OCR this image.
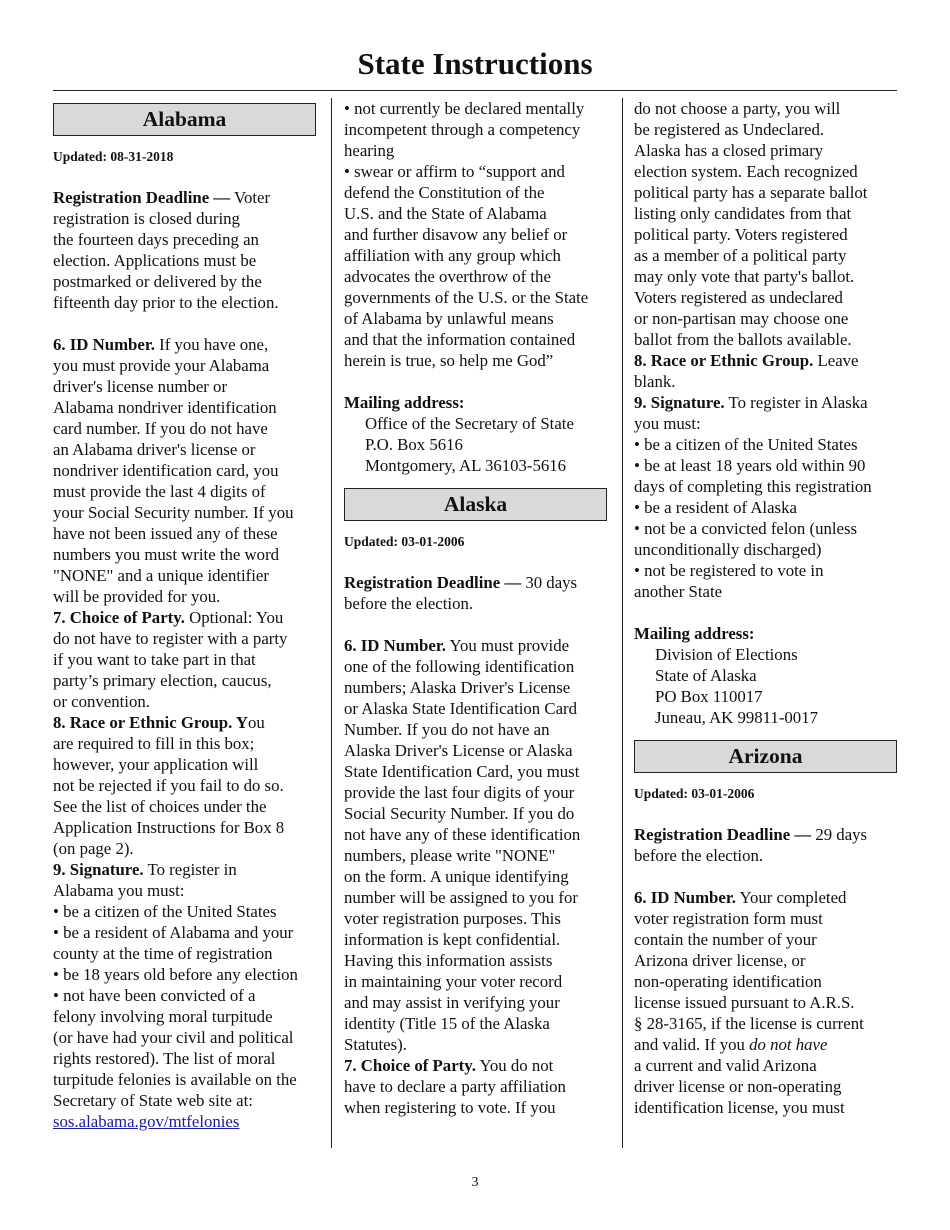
State Instructions
Alabama

Updated: 08-31-2018

Registration Deadline — Voter

registration is closed during

the fourteen days preceding an

election. Applications must be

postmarked or delivered by the

fifteenth day prior to the election.

6. ID Number. If you have one,

you must provide your Alabama

driver's license number or

Alabama nondriver identification

card number. If you do not have

an Alabama driver's license or

nondriver identification card, you

must provide the last 4 digits of

your Social Security number. If you

have not been issued any of these

numbers you must write the word

"NONE" and a unique identifier

will be provided for you.

7. Choice of Party. Optional: You

do not have to register with a party

if you want to take part in that

party’s primary election, caucus,

or convention.

8. Race or Ethnic Group. You

are required to fill in this box;

however, your application will

not be rejected if you fail to do so.

See the list of choices under the

Application Instructions for Box 8

(on page 2).

9. Signature. To register in

Alabama you must:

• be a citizen of the United States

• be a resident of Alabama and your

county at the time of registration

• be 18 years old before any election

• not have been convicted of a

felony involving moral turpitude

(or have had your civil and political

rights restored). The list of moral

turpitude felonies is available on the

Secretary of State web site at:

sos.alabama.gov/mtfelonies

• not currently be declared mentally

incompetent through a competency

hearing

• swear or affirm to “support and

defend the Constitution of the

U.S. and the State of Alabama

and further disavow any belief or

affiliation with any group which

advocates the overthrow of the

governments of the U.S. or the State

of Alabama by unlawful means

and that the information contained

herein is true, so help me God”

Mailing address:

Office of the Secretary of State

P.O. Box 5616

Montgomery, AL 36103-5616

Alaska

Updated: 03-01-2006

Registration Deadline — 30 days

before the election.

6. ID Number. You must provide

one of the following identification

numbers; Alaska Driver's License

or Alaska State Identification Card

Number. If you do not have an

Alaska Driver's License or Alaska

State Identification Card, you must

provide the last four digits of your

Social Security Number. If you do

not have any of these identification

numbers, please write "NONE"

on the form. A unique identifying

number will be assigned to you for

voter registration purposes. This

information is kept confidential.

Having this information assists

in maintaining your voter record

and may assist in verifying your

identity (Title 15 of the Alaska

Statutes).

7. Choice of Party. You do not

have to declare a party affiliation

when registering to vote. If you

do not choose a party, you will

be registered as Undeclared.

Alaska has a closed primary

election system. Each recognized

political party has a separate ballot

listing only candidates from that

political party. Voters registered

as a member of a political party

may only vote that party's ballot.

Voters registered as undeclared

or non-partisan may choose one

ballot from the ballots available.

8. Race or Ethnic Group. Leave

blank.

9. Signature. To register in Alaska

you must:

• be a citizen of the United States

• be at least 18 years old within 90

days of completing this registration

• be a resident of Alaska

• not be a convicted felon (unless

unconditionally discharged)

• not be registered to vote in

another State

Mailing address:

Division of Elections

State of Alaska

PO Box 110017

Juneau, AK 99811-0017

Arizona

Updated: 03-01-2006

Registration Deadline — 29 days

before the election.

6. ID Number. Your completed

voter registration form must

contain the number of your

Arizona driver license, or

non-operating identification

license issued pursuant to A.R.S.

§ 28-3165, if the license is current

and valid. If you do not have

a current and valid Arizona

driver license or non-operating

identification license, you must

3
